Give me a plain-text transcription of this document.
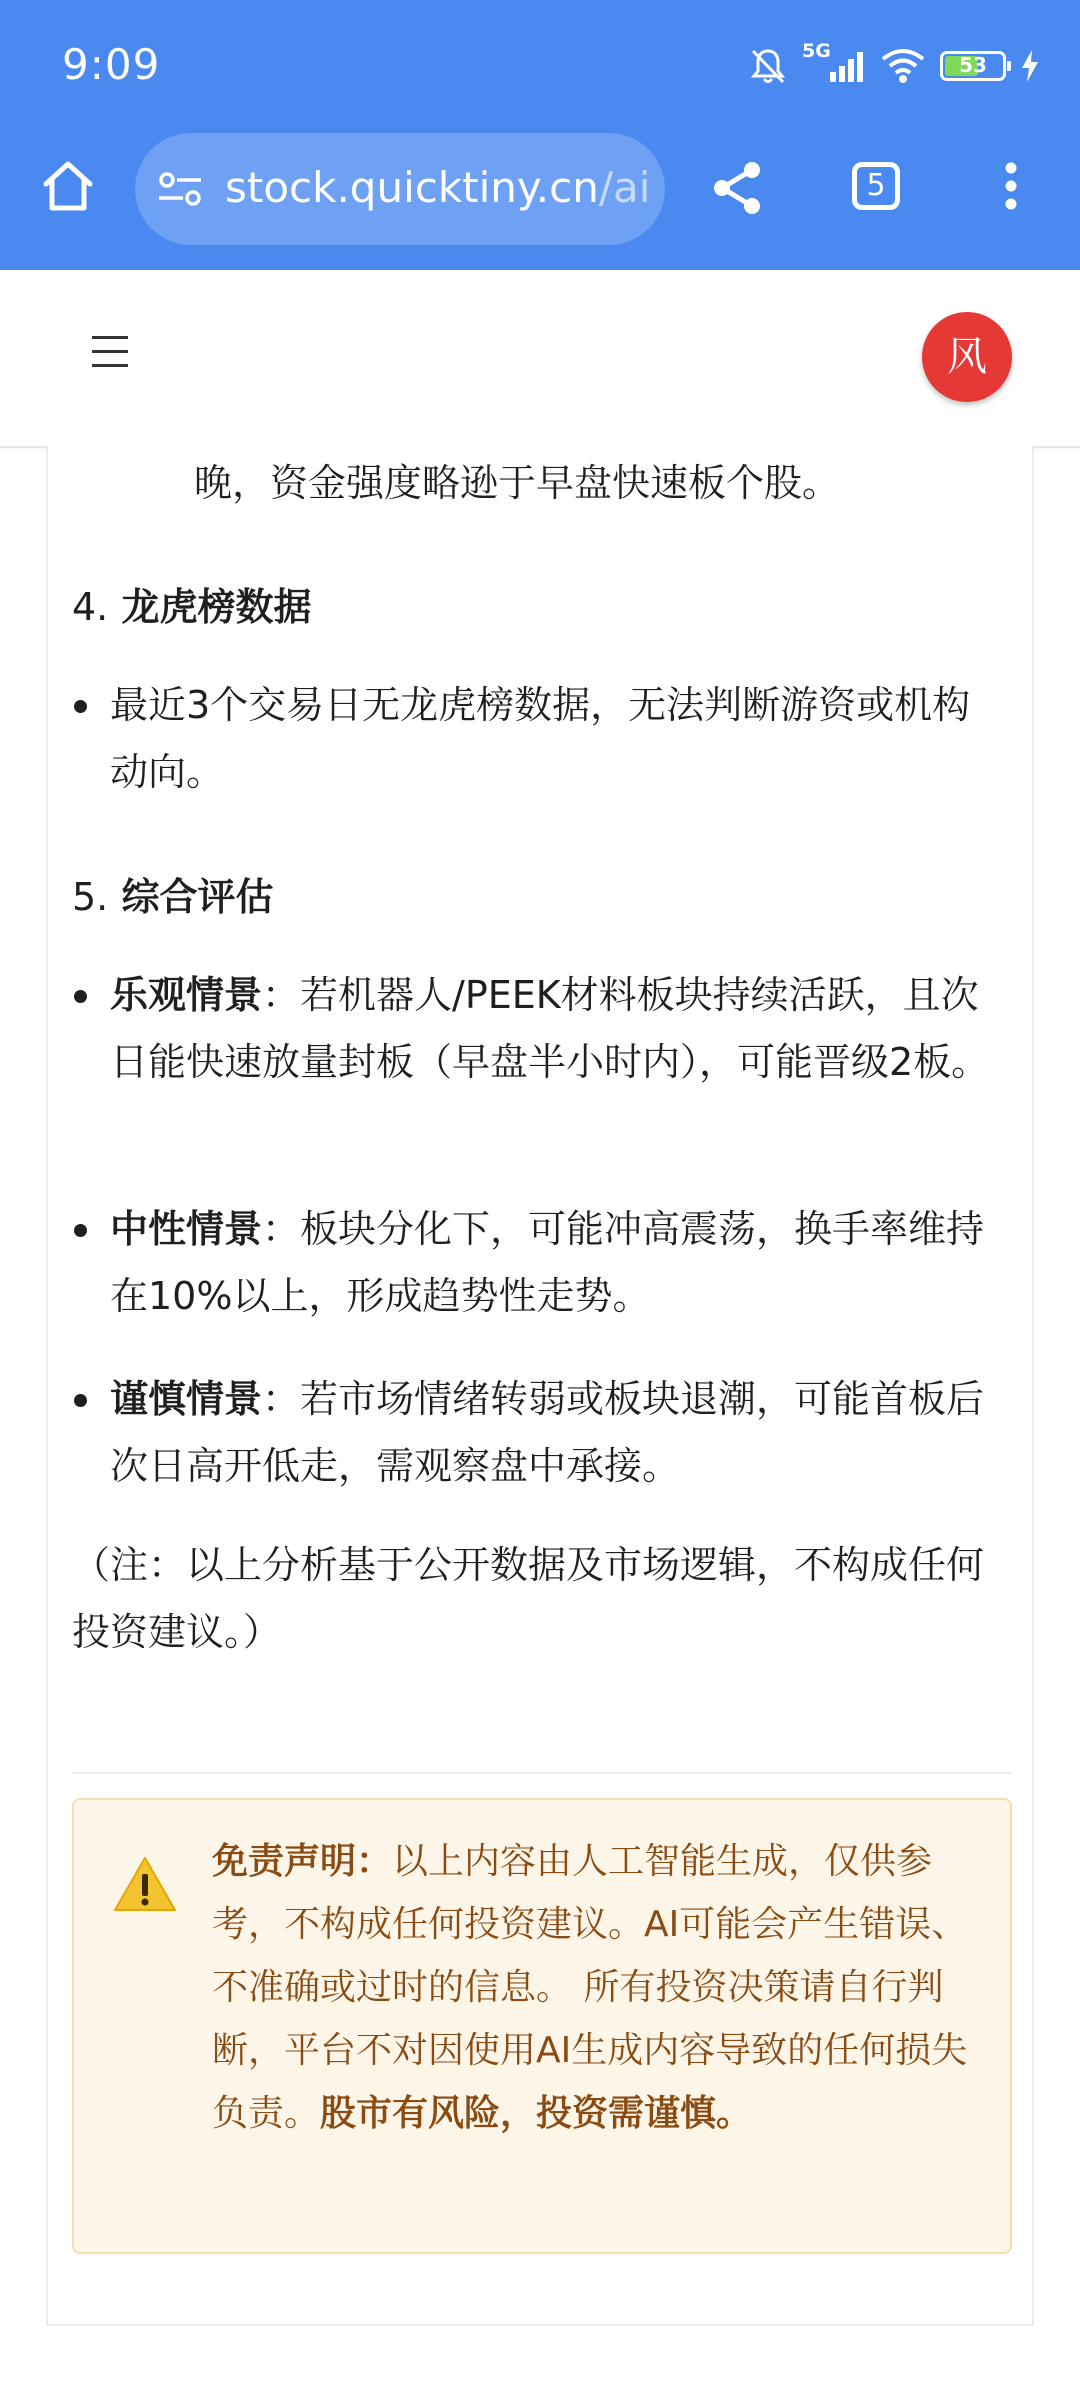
9:09	5G
53
stock.quicktiny.cn/ai	5
风
晚，资金强度略逊于早盘快速板个股。
4. 龙虎榜数据
最近3个交易日无龙虎榜数据，无法判断游资或机构动向。
5. 综合评估
乐观情景：若机器人/PEEK材料板块持续活跃，且次日能快速放量封板（早盘半小时内），可能晋级2板。
中性情景：板块分化下，可能冲高震荡，换手率维持在10%以上，形成趋势性走势。
谨慎情景：若市场情绪转弱或板块退潮，可能首板后次日高开低走，需观察盘中承接。
（注：以上分析基于公开数据及市场逻辑，不构成任何投资建议。）
免责声明：以上内容由人工智能生成，仅供参考，不构成任何投资建议。AI可能会产生错误、不准确或过时的信息。 所有投资决策请自行判断，平台不对因使用AI生成内容导致的任何损失负责。股市有风险，投资需谨慎。
